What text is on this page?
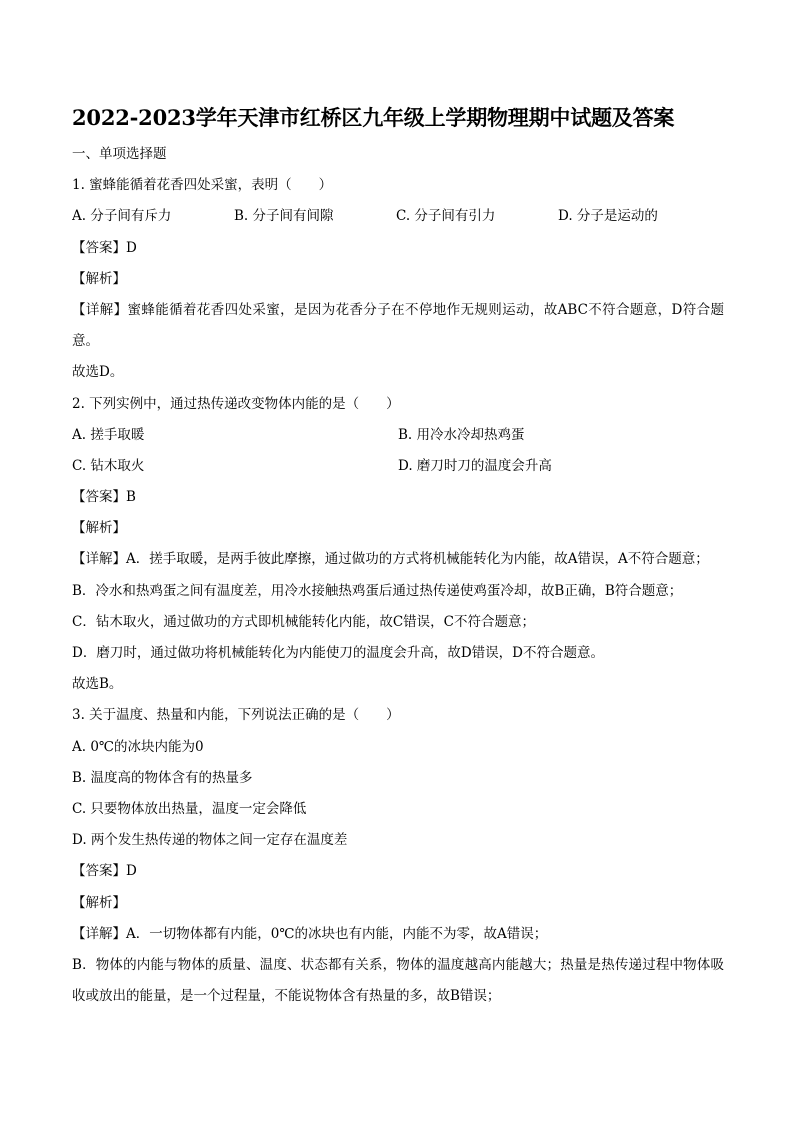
2022-2023学年天津市红桥区九年级上学期物理期中试题及答案
一、单项选择题
1. 蜜蜂能循着花香四处采蜜，表明（　　）
A. 分子间有斥力	B. 分子间有间隙	C. 分子间有引力	D. 分子是运动的
【答案】D
【解析】
【详解】蜜蜂能循着花香四处采蜜，是因为花香分子在不停地作无规则运动，故ABC不符合题意，D符合题意。
故选D。
2. 下列实例中，通过热传递改变物体内能的是（　　）
A. 搓手取暖	B. 用冷水冷却热鸡蛋
C. 钻木取火	D. 磨刀时刀的温度会升高
【答案】B
【解析】
【详解】A．搓手取暖，是两手彼此摩擦，通过做功的方式将机械能转化为内能，故A错误，A不符合题意；
B．冷水和热鸡蛋之间有温度差，用冷水接触热鸡蛋后通过热传递使鸡蛋冷却，故B正确，B符合题意；
C．钻木取火，通过做功的方式即机械能转化内能，故C错误，C不符合题意；
D．磨刀时，通过做功将机械能转化为内能使刀的温度会升高，故D错误，D不符合题意。
故选B。
3. 关于温度、热量和内能，下列说法正确的是（　　）
A. 0℃的冰块内能为0
B. 温度高的物体含有的热量多
C. 只要物体放出热量，温度一定会降低
D. 两个发生热传递的物体之间一定存在温度差
【答案】D
【解析】
【详解】A．一切物体都有内能，0℃的冰块也有内能，内能不为零，故A错误；
B．物体的内能与物体的质量、温度、状态都有关系，物体的温度越高内能越大；热量是热传递过程中物体吸收或放出的能量，是一个过程量，不能说物体含有热量的多，故B错误；
